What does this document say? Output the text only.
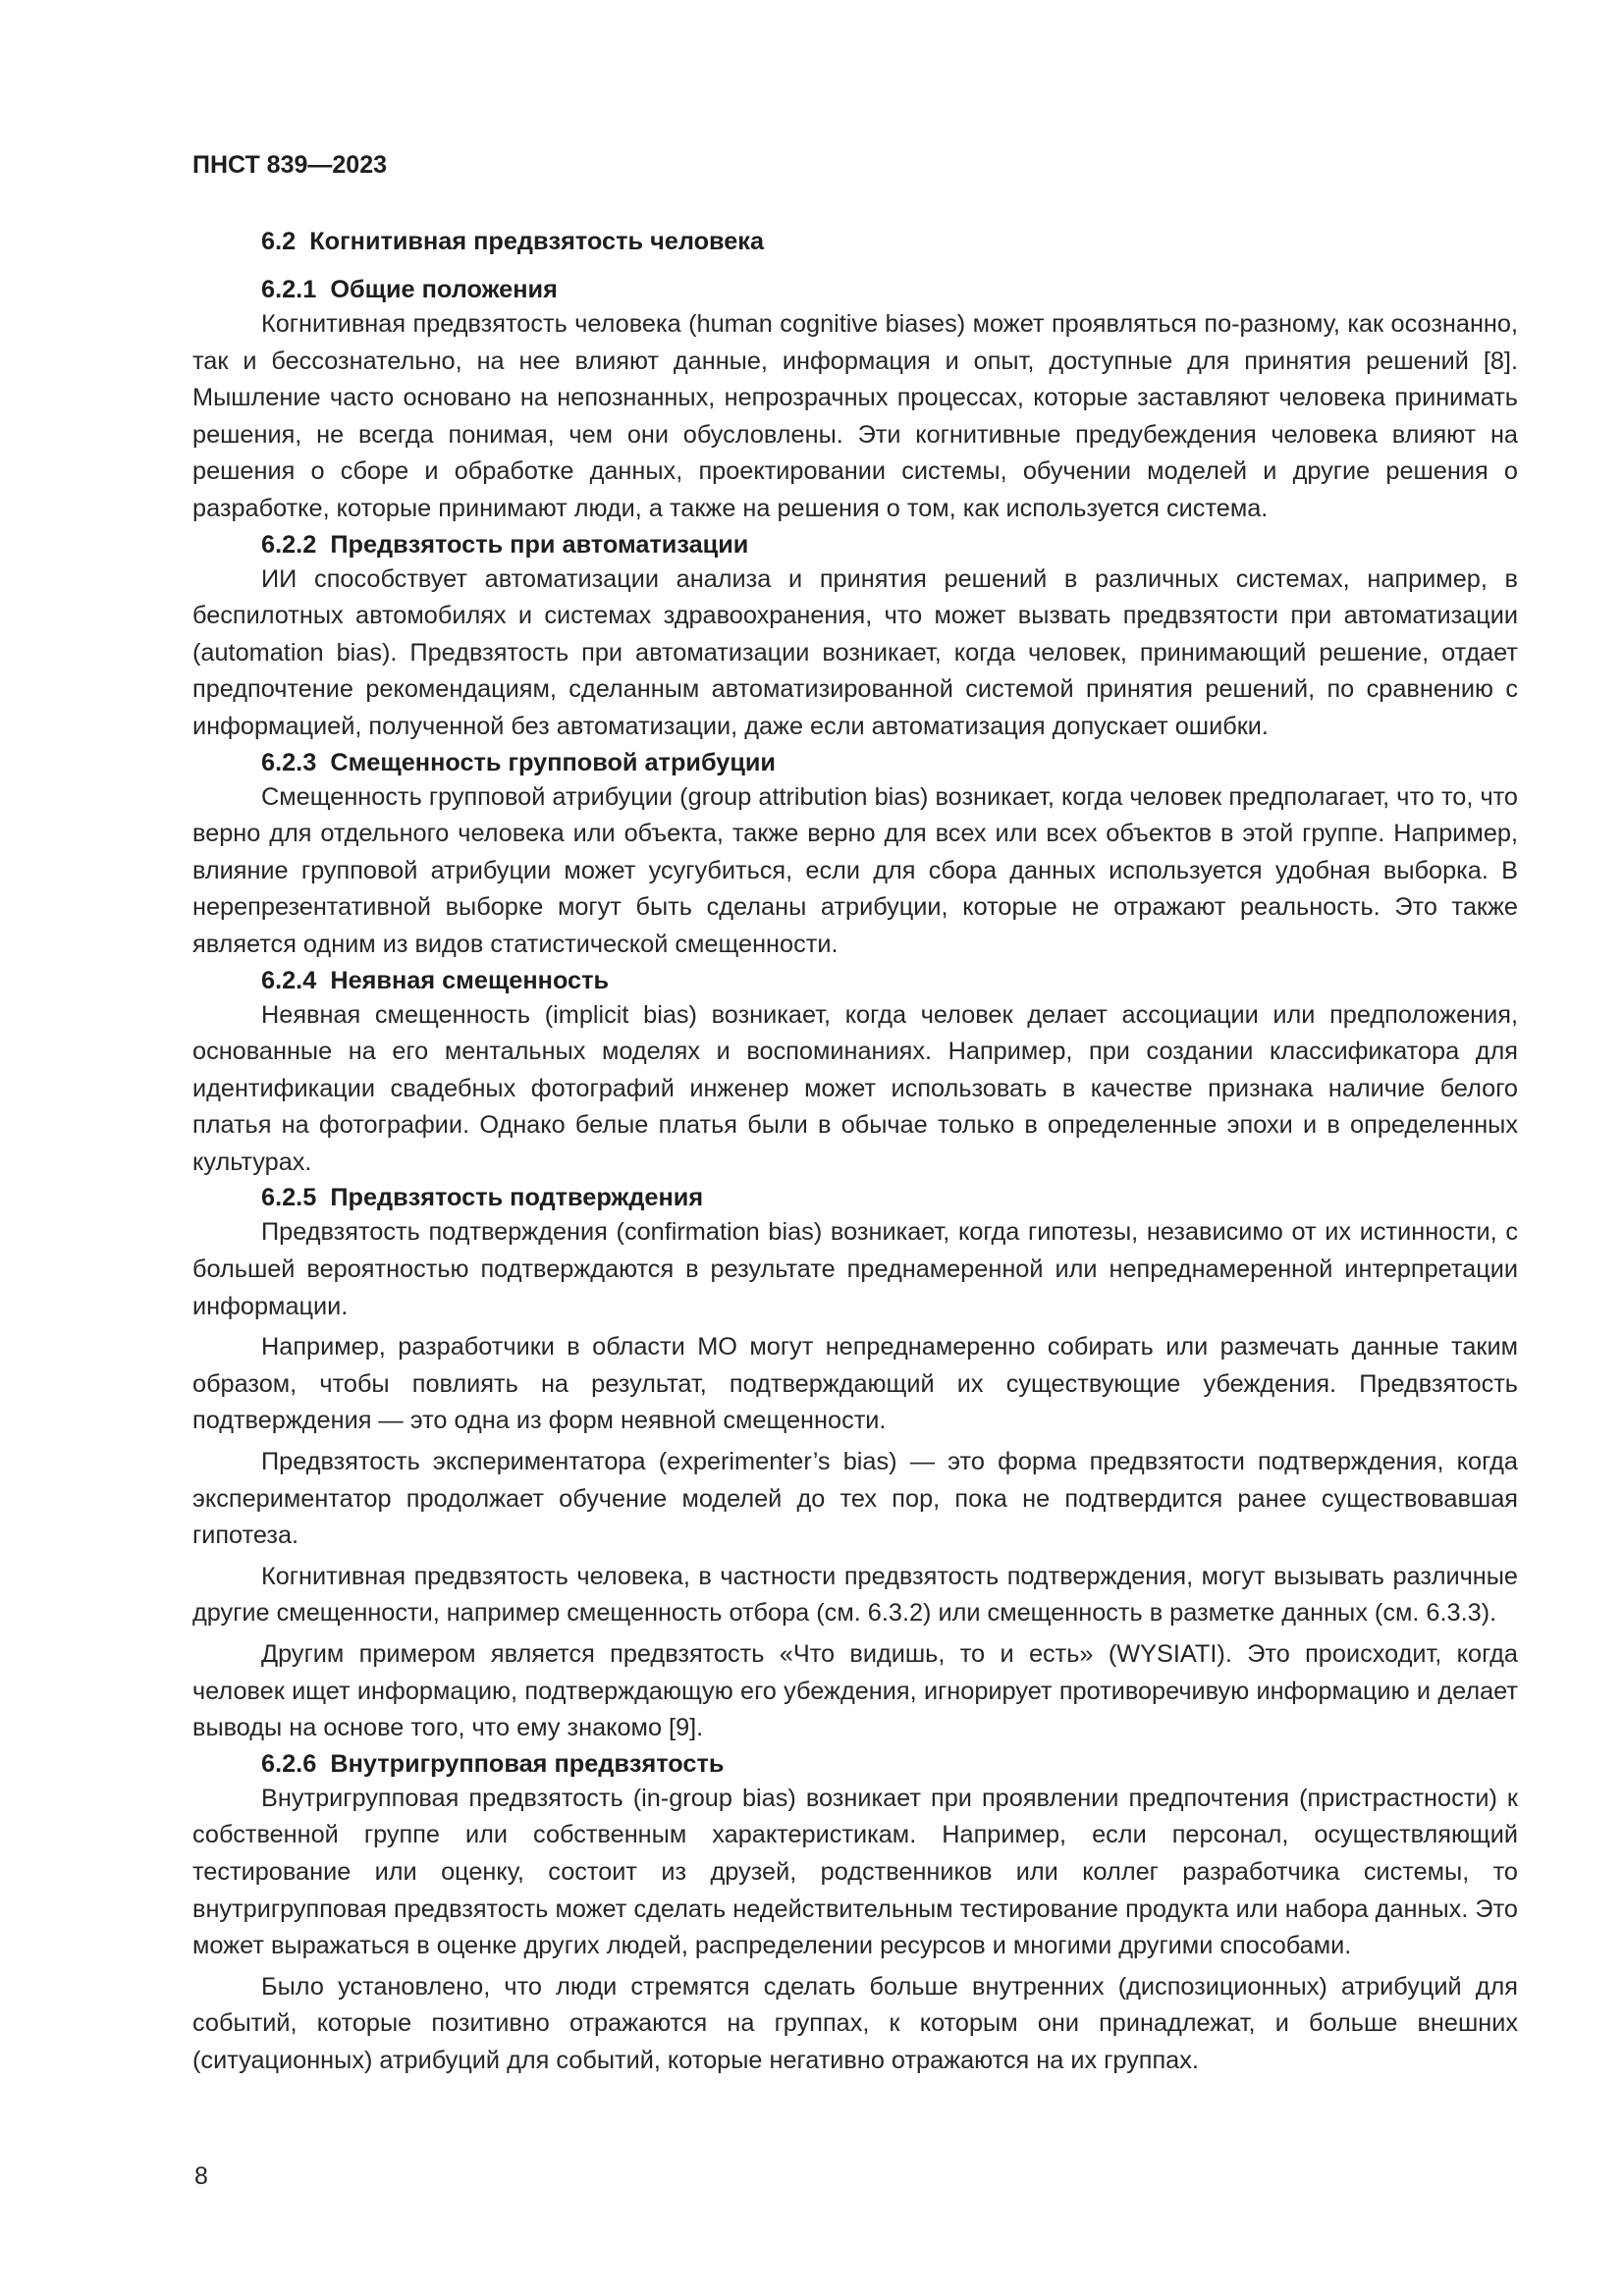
ПНСТ 839—2023
6.2 Когнитивная предвзятость человека
6.2.1 Общие положения

Когнитивная предвзятость человека (human cognitive biases) может проявляться по-разному, как осознанно, так и бессознательно, на нее влияют данные, информация и опыт, доступные для принятия решений [8]. Мышление часто основано на непознанных, непрозрачных процессах, которые заставляют человека принимать решения, не всегда понимая, чем они обусловлены. Эти когнитивные предубеждения человека влияют на решения о сборе и обработке данных, проектировании системы, обучении моделей и другие решения о разработке, которые принимают люди, а также на решения о том, как используется система.

6.2.2 Предвзятость при автоматизации

ИИ способствует автоматизации анализа и принятия решений в различных системах, например, в беспилотных автомобилях и системах здравоохранения, что может вызвать предвзятости при автоматизации (automation bias). Предвзятость при автоматизации возникает, когда человек, принимающий решение, отдает предпочтение рекомендациям, сделанным автоматизированной системой принятия решений, по сравнению с информацией, полученной без автоматизации, даже если автоматизация допускает ошибки.

6.2.3 Смещенность групповой атрибуции

Смещенность групповой атрибуции (group attribution bias) возникает, когда человек предполагает, что то, что верно для отдельного человека или объекта, также верно для всех или всех объектов в этой группе. Например, влияние групповой атрибуции может усугубиться, если для сбора данных используется удобная выборка. В нерепрезентативной выборке могут быть сделаны атрибуции, которые не отражают реальность. Это также является одним из видов статистической смещенности.

6.2.4 Неявная смещенность

Неявная смещенность (implicit bias) возникает, когда человек делает ассоциации или предположения, основанные на его ментальных моделях и воспоминаниях. Например, при создании классификатора для идентификации свадебных фотографий инженер может использовать в качестве признака наличие белого платья на фотографии. Однако белые платья были в обычае только в определенные эпохи и в определенных культурах.

6.2.5 Предвзятость подтверждения

Предвзятость подтверждения (confirmation bias) возникает, когда гипотезы, независимо от их истинности, с большей вероятностью подтверждаются в результате преднамеренной или непреднамеренной интерпретации информации.

Например, разработчики в области МО могут непреднамеренно собирать или размечать данные таким образом, чтобы повлиять на результат, подтверждающий их существующие убеждения. Предвзятость подтверждения — это одна из форм неявной смещенности.

Предвзятость экспериментатора (experimenter’s bias) — это форма предвзятости подтверждения, когда экспериментатор продолжает обучение моделей до тех пор, пока не подтвердится ранее существовавшая гипотеза.

Когнитивная предвзятость человека, в частности предвзятость подтверждения, могут вызывать различные другие смещенности, например смещенность отбора (см. 6.3.2) или смещенность в разметке данных (см. 6.3.3).

Другим примером является предвзятость «Что видишь, то и есть» (WYSIATI). Это происходит, когда человек ищет информацию, подтверждающую его убеждения, игнорирует противоречивую информацию и делает выводы на основе того, что ему знакомо [9].

6.2.6 Внутригрупповая предвзятость

Внутригрупповая предвзятость (in-group bias) возникает при проявлении предпочтения (пристрастности) к собственной группе или собственным характеристикам. Например, если персонал, осуществляющий тестирование или оценку, состоит из друзей, родственников или коллег разработчика системы, то внутригрупповая предвзятость может сделать недействительным тестирование продукта или набора данных. Это может выражаться в оценке других людей, распределении ресурсов и многими другими способами.

Было установлено, что люди стремятся сделать больше внутренних (диспозиционных) атрибуций для событий, которые позитивно отражаются на группах, к которым они принадлежат, и больше внешних (ситуационных) атрибуций для событий, которые негативно отражаются на их группах.

8
